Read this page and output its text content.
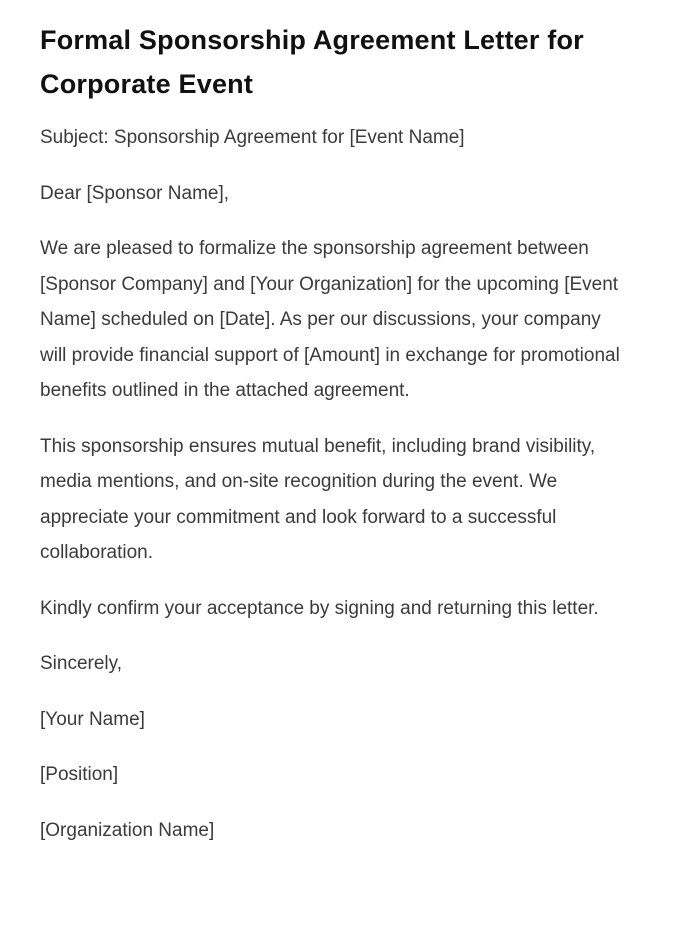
Formal Sponsorship Agreement Letter for Corporate Event

Subject: Sponsorship Agreement for [Event Name]

Dear [Sponsor Name],

We are pleased to formalize the sponsorship agreement between [Sponsor Company] and [Your Organization] for the upcoming [Event Name] scheduled on [Date]. As per our discussions, your company will provide financial support of [Amount] in exchange for promotional benefits outlined in the attached agreement.

This sponsorship ensures mutual benefit, including brand visibility, media mentions, and on-site recognition during the event. We appreciate your commitment and look forward to a successful collaboration.

Kindly confirm your acceptance by signing and returning this letter.

Sincerely,

[Your Name]

[Position]

[Organization Name]
